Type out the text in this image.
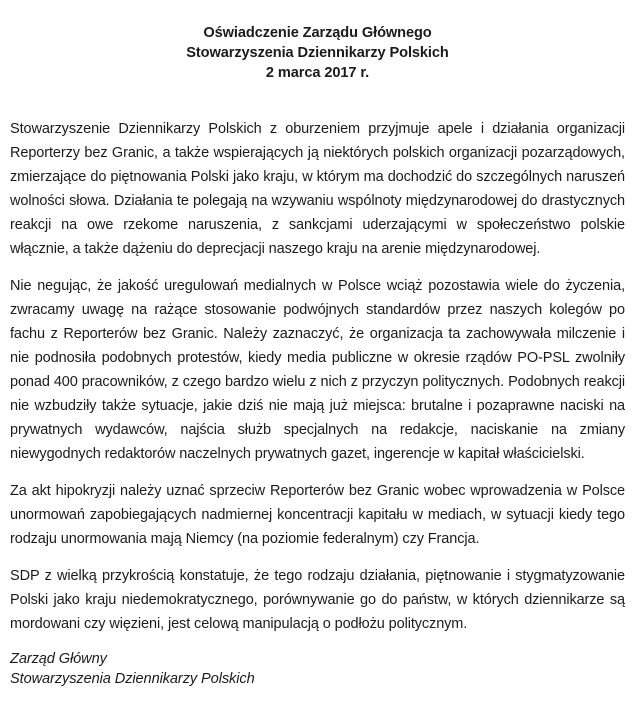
Oświadczenie Zarządu Głównego
Stowarzyszenia Dziennikarzy Polskich
2 marca 2017 r.

Stowarzyszenie Dziennikarzy Polskich z oburzeniem przyjmuje apele i działania organizacji Reporterzy bez Granic, a także wspierających ją niektórych polskich organizacji pozarządowych, zmierzające do piętnowania Polski jako kraju, w którym ma dochodzić do szczególnych naruszeń wolności słowa. Działania te polegają na wzywaniu wspólnoty międzynarodowej do drastycznych reakcji na owe rzekome naruszenia, z sankcjami uderzającymi w społeczeństwo polskie włącznie, a także dążeniu do deprecjacji naszego kraju na arenie międzynarodowej.

Nie negując, że jakość uregulowań medialnych w Polsce wciąż pozostawia wiele do życzenia, zwracamy uwagę na rażące stosowanie podwójnych standardów przez naszych kolegów po fachu z Reporterów bez Granic. Należy zaznaczyć, że organizacja ta zachowywała milczenie i nie podnosiła podobnych protestów, kiedy media publiczne w okresie rządów PO-PSL zwolniły ponad 400 pracowników, z czego bardzo wielu z nich z przyczyn politycznych. Podobnych reakcji nie wzbudziły także sytuacje, jakie dziś nie mają już miejsca: brutalne i pozaprawne naciski na prywatnych wydawców, najścia służb specjalnych na redakcje, naciskanie na zmiany niewygodnych redaktorów naczelnych prywatnych gazet, ingerencje w kapitał właścicielski.

Za akt hipokryzji należy uznać sprzeciw Reporterów bez Granic wobec wprowadzenia w Polsce unormowań zapobiegających nadmiernej koncentracji kapitału w mediach, w sytuacji kiedy tego rodzaju unormowania mają Niemcy (na poziomie federalnym) czy Francja.

SDP z wielką przykrością konstatuje, że tego rodzaju działania, piętnowanie i stygmatyzowanie Polski jako kraju niedemokratycznego, porównywanie go do państw, w których dziennikarze są mordowani czy więzieni, jest celową manipulacją o podłożu politycznym.

Zarząd Główny
Stowarzyszenia Dziennikarzy Polskich
